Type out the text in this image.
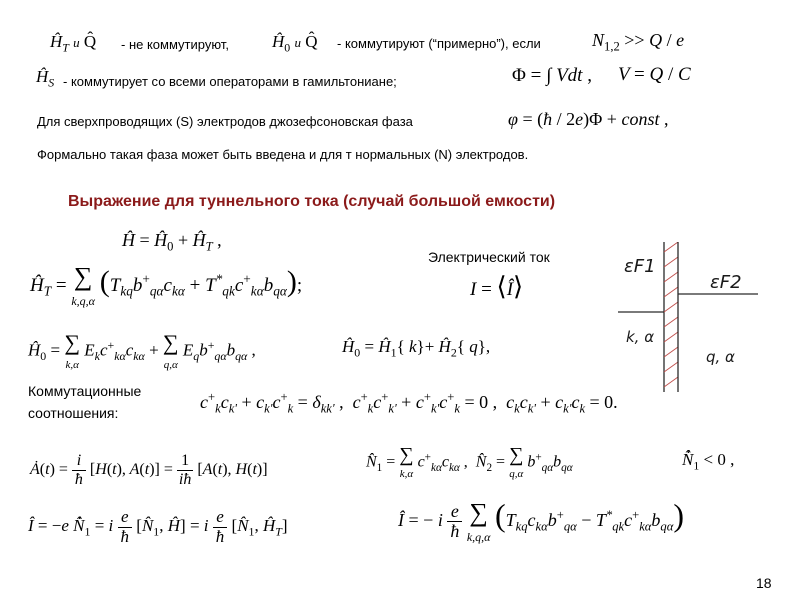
$Ĥ_T$ и Q̂ - не коммутируют,	$Ĥ_0$ и Q̂ - коммутируют (“примерно”), если	$N_{1,2} >> Q / e$
$Ĥ_S$ - коммутирует со всеми операторами в гамильтониане;	Φ = ∫ Vdt , V = Q / C
Для сверхпроводящих (S) электродов джозефсоновская фаза	φ = (ħ / 2e)Φ + const ,
Формально такая фаза может быть введена и для т нормальных (N) электродов.
Выражение для туннельного тока (случай большой емкости)
Ĥ = $Ĥ_0$ + $Ĥ_T$ ,
$Ĥ_T$ = ∑
k,q,α $(T_{kq}b^+_{q\alpha}c_{k\alpha} + T^*_{qk}c^+_{k\alpha}b_{q\alpha})$;
Электрический ток
I = ⟨Î⟩
εF1
εF2
k, α
q, α
$Ĥ_0$ = ∑
k,α $E_kc^+_{k\alpha}c_{k\alpha}$ + ∑
q,α $E_qb^+_{q\alpha}b_{q\alpha}$ ,	$Ĥ_0$ = $Ĥ_1${ $k\}+ Ĥ_2${ q},
Коммутационные
соотношения:
$c^+_kc_{k'} + c_{k'}c^+_k = \delta_{kk'}$ ,  $c^+_kc^+_{k'} + c^+_{k'}c^+_k = 0$ ,  $c_kc_{k'} + c_{k'}c_k = 0$.
Ȧ(t) = i
ħ [H(t), $A(t)] = \frac{1}{iħ} [A(t)$, H(t)]	$N̂_1$ = ∑
k,α $c^+_{k\alpha}c_{k\alpha}$ ,  $N̂_2$ = ∑
q,α $b^+_{q\alpha}b_{q\alpha}$	$N̂̇_1 < 0$ ,
Î = −e $N̂̇_1 = i$ e
ħ [$N̂_1$, Ĥ] = i e
ħ [$N̂_1$, $Ĥ_T$]	Î = − i e
ħ ∑
k,q,α $(T_{kq}c_{k\alpha}b^+_{q\alpha} - T^*_{qk}c^+_{k\alpha}b_{q\alpha})$
18
